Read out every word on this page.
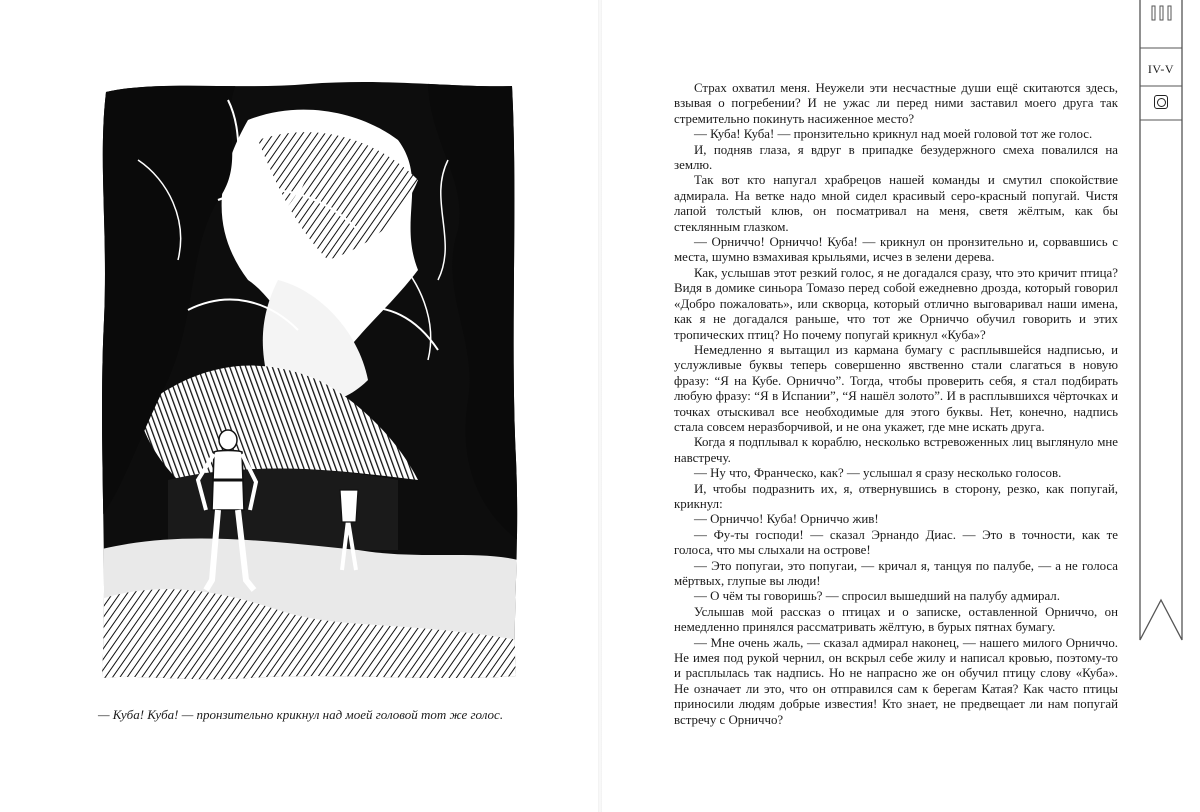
— Куба! Куба! — пронзительно крикнул над моей головой тот же голос.

Страх охватил меня. Неужели эти несчастные души ещё скитаются здесь, взывая о погребении? И не ужас ли перед ними заставил моего друга так стремительно покинуть насиженное место?

— Куба! Куба! — пронзительно крикнул над моей головой тот же голос.

И, подняв глаза, я вдруг в припадке безудержного смеха повалился на землю.

Так вот кто напугал храбрецов нашей команды и смутил спокойствие адмирала. На ветке надо мной сидел красивый серо-красный попугай. Чистя лапой толстый клюв, он посматривал на меня, светя жёлтым, как бы стеклянным глазком.

— Орниччо! Орниччо! Куба! — крикнул он пронзительно и, сорвавшись с места, шумно взмахивая крыльями, исчез в зелени дерева.

Как, услышав этот резкий голос, я не догадался сразу, что это кричит птица? Видя в домике синьора Томазо перед собой ежедневно дрозда, который говорил «Добро пожаловать», или скворца, который отлично выговаривал наши имена, как я не догадался раньше, что тот же Орниччо обучил говорить и этих тропических птиц? Но почему попугай крикнул «Куба»?

Немедленно я вытащил из кармана бумагу с расплывшейся надписью, и услужливые буквы теперь совершенно явственно стали слагаться в новую фразу: “Я на Кубе. Орниччо”. Тогда, чтобы проверить себя, я стал подбирать любую фразу: “Я в Испании”, “Я нашёл золото”. И в расплывшихся чёрточках и точках отыскивал все необходимые для этого буквы. Нет, конечно, надпись стала совсем неразборчивой, и не она укажет, где мне искать друга.

Когда я подплывал к кораблю, несколько встревоженных лиц выглянуло мне навстречу.

— Ну что, Франческо, как? — услышал я сразу несколько голосов.

И, чтобы подразнить их, я, отвернувшись в сторону, резко, как попугай, крикнул:

— Орниччо! Куба! Орниччо жив!

— Фу-ты господи! — сказал Эрнандо Диас. — Это в точности, как те голоса, что мы слыхали на острове!

— Это попугаи, это попугаи, — кричал я, танцуя по палубе, — а не голоса мёртвых, глупые вы люди!

— О чём ты говоришь? — спросил вышедший на палубу адмирал.

Услышав мой рассказ о птицах и о записке, оставленной Орниччо, он немедленно принялся рассматривать жёлтую, в бурых пятнах бумагу.

— Мне очень жаль, — сказал адмирал наконец, — нашего милого Орниччо. Не имея под рукой чернил, он вскрыл себе жилу и написал кровью, поэтому-то и расплылась так надпись. Но не напрасно же он обучил птицу слову «Куба». Не означает ли это, что он отправился сам к берегам Катая? Как часто птицы приносили людям добрые известия! Кто знает, не предвещает ли нам попугай встречу с Орниччо?

IV-V
